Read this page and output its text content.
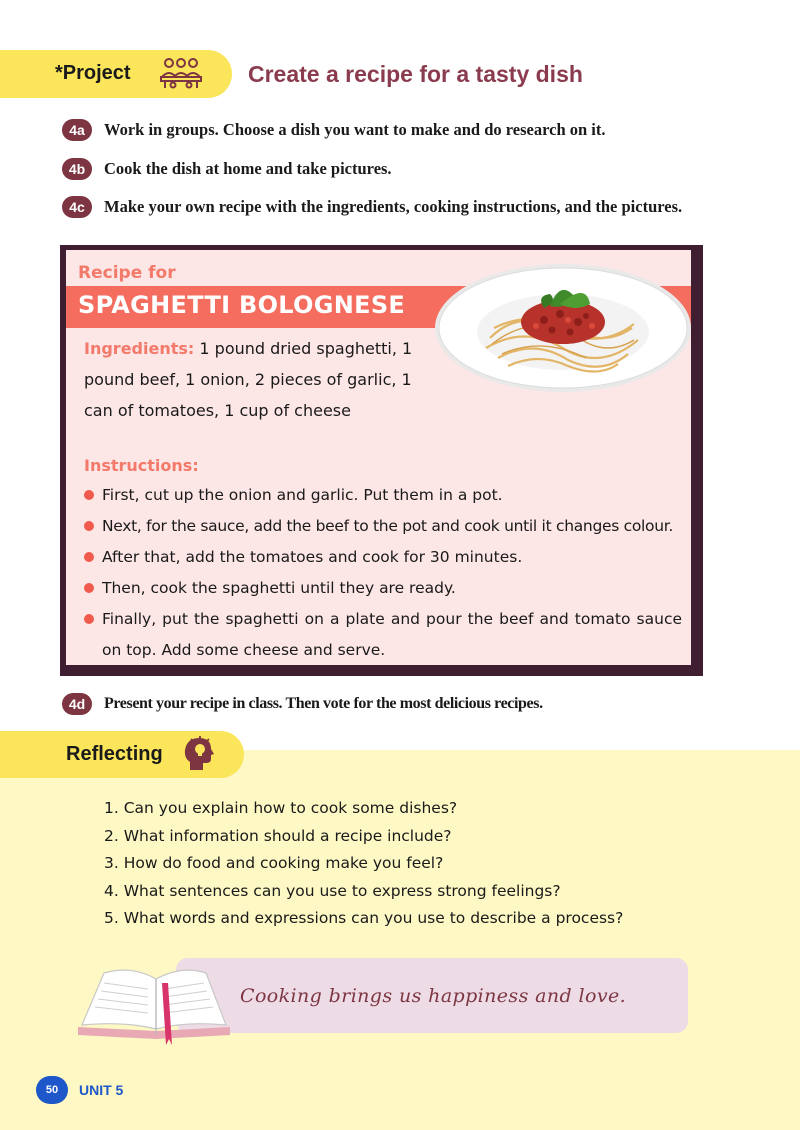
*Project	Create a recipe for a tasty dish
4a	Work in groups. Choose a dish you want to make and do research on it.
4b	Cook the dish at home and take pictures.
4c	Make your own recipe with the ingredients, cooking instructions, and the pictures.
Recipe for
SPAGHETTI BOLOGNESE
Ingredients: 1 pound dried spaghetti, 1 pound beef, 1 onion, 2 pieces of garlic, 1 can of tomatoes, 1 cup of cheese
Instructions:
First, cut up the onion and garlic. Put them in a pot.
Next, for the sauce, add the beef to the pot and cook until it changes colour.
After that, add the tomatoes and cook for 30 minutes.
Then, cook the spaghetti until they are ready.
Finally, put the spaghetti on a plate and pour the beef and tomato sauce on top. Add some cheese and serve.
4d	Present your recipe in class. Then vote for the most delicious recipes.
Reflecting
1. Can you explain how to cook some dishes?
2. What information should a recipe include?
3. How do food and cooking make you feel?
4. What sentences can you use to express strong feelings?
5. What words and expressions can you use to describe a process?
Cooking brings us happiness and love.
50	UNIT 5
